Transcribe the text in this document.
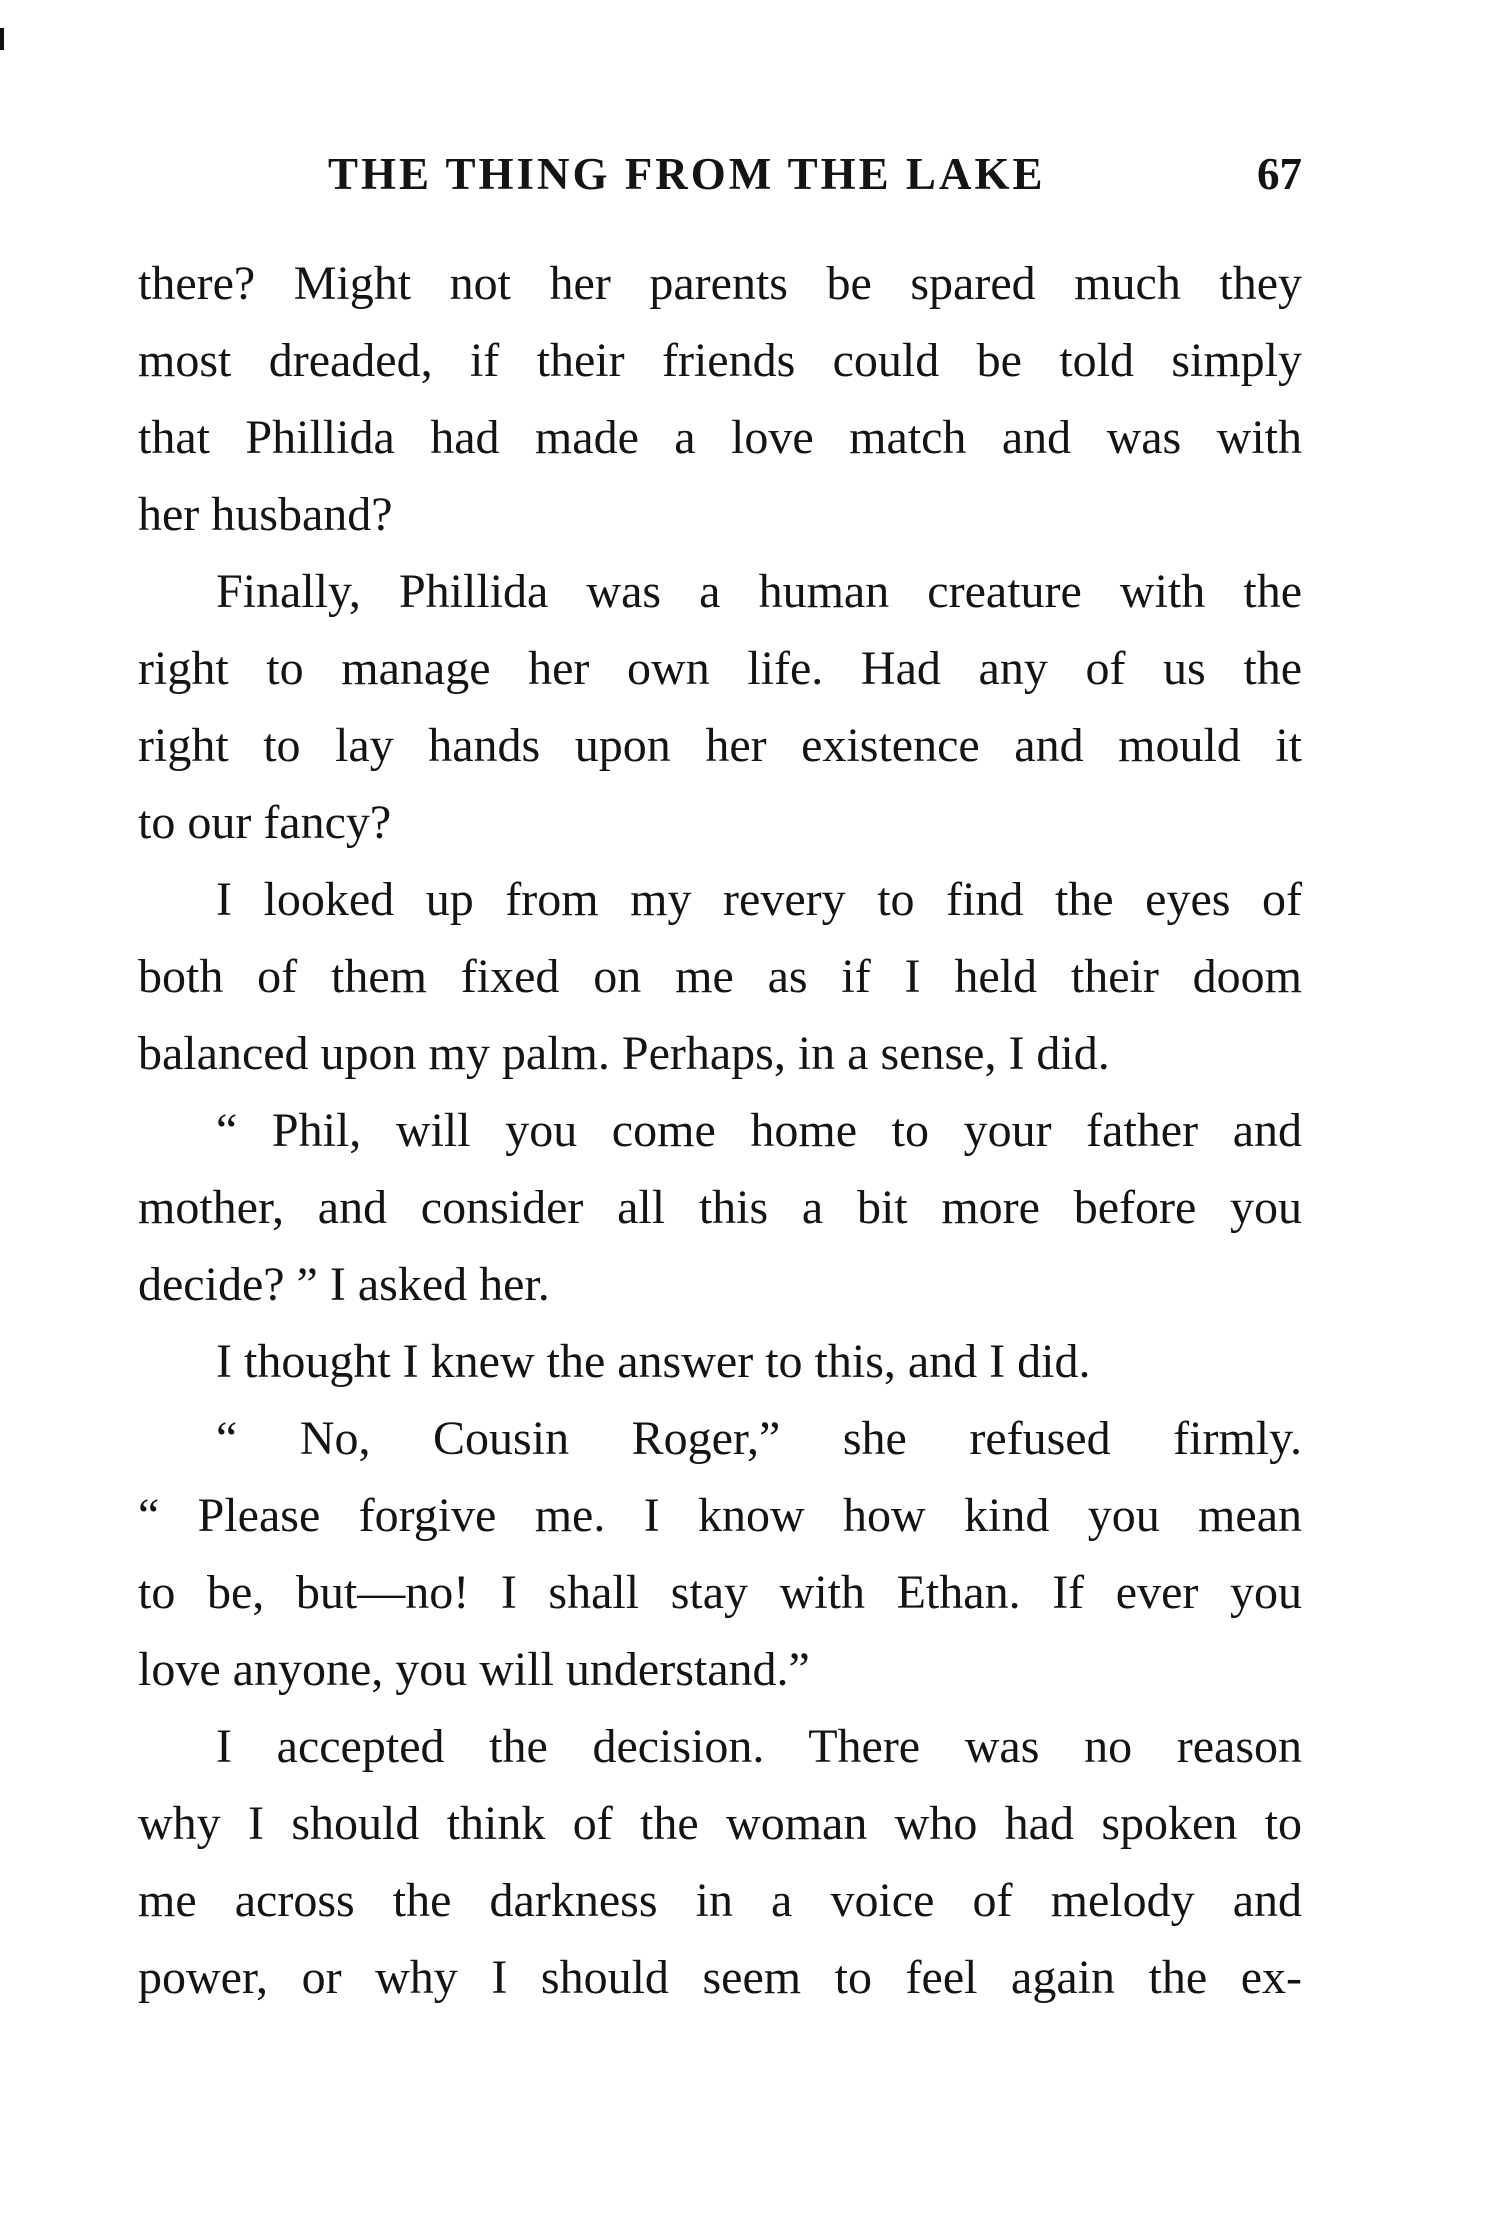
THE THING FROM THE LAKE	67
there? Might not her parents be spared much they
most dreaded, if their friends could be told simply
that Phillida had made a love match and was with
her husband?
Finally, Phillida was a human creature with the
right to manage her own life. Had any of us the
right to lay hands upon her existence and mould it
to our fancy?
I looked up from my revery to find the eyes of
both of them fixed on me as if I held their doom
balanced upon my palm. Perhaps, in a sense, I did.
“ Phil, will you come home to your father and
mother, and consider all this a bit more before you
decide? ” I asked her.
I thought I knew the answer to this, and I did.
“ No, Cousin Roger,” she refused firmly.
“ Please forgive me. I know how kind you mean
to be, but—no! I shall stay with Ethan. If ever you
love anyone, you will understand.”
I accepted the decision. There was no reason
why I should think of the woman who had spoken to
me across the darkness in a voice of melody and
power, or why I should seem to feel again the ex-
